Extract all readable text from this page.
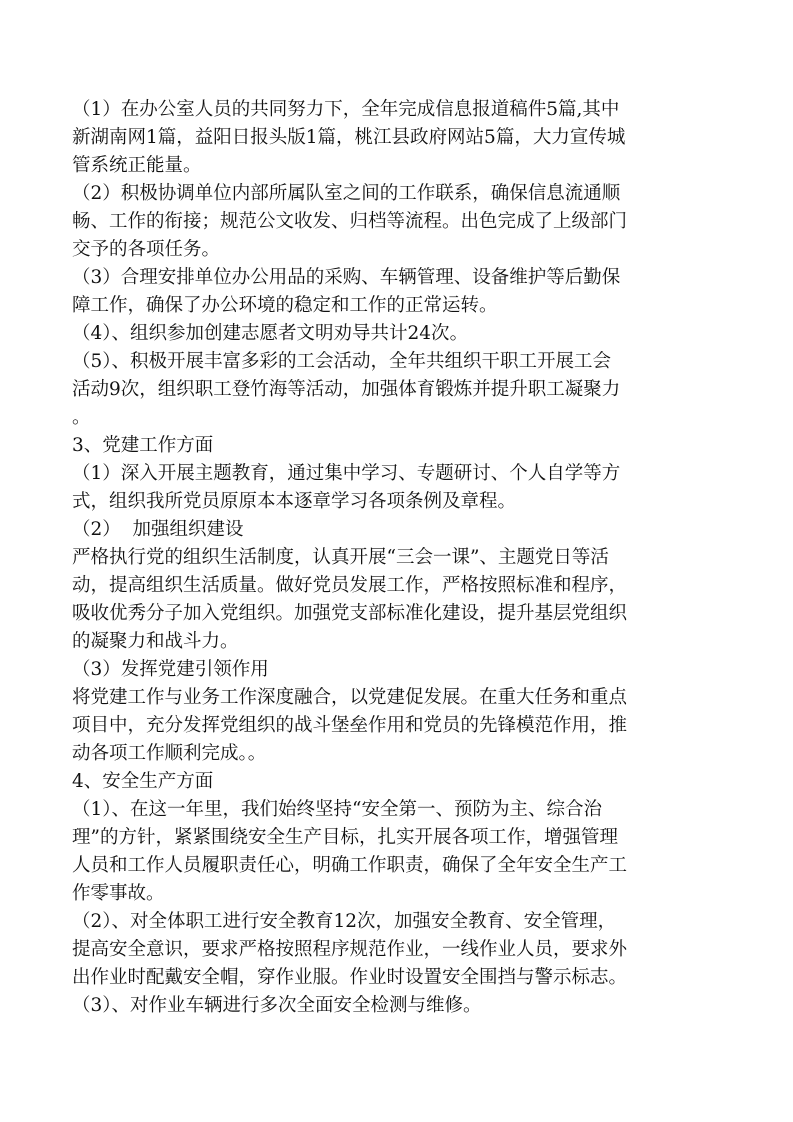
（1）在办公室人员的共同努力下，全年完成信息报道稿件5篇,其中

新湖南网1篇，益阳日报头版1篇，桃江县政府网站5篇，大力宣传城

管系统正能量。

（2）积极协调单位内部所属队室之间的工作联系，确保信息流通顺

畅、工作的衔接；规范公文收发、归档等流程。出色完成了上级部门

交予的各项任务。

（3）合理安排单位办公用品的采购、车辆管理、设备维护等后勤保

障工作，确保了办公环境的稳定和工作的正常运转。

（4）、组织参加创建志愿者文明劝导共计24次。

（5）、积极开展丰富多彩的工会活动，全年共组织干职工开展工会

活动9次，组织职工登竹海等活动，加强体育锻炼并提升职工凝聚力

。

3、党建工作方面

（1）深入开展主题教育，通过集中学习、专题研讨、个人自学等方

式，组织我所党员原原本本逐章学习各项条例及章程。

（2）  加强组织建设

严格执行党的组织生活制度，认真开展“三会一课”、主题党日等活

动，提高组织生活质量。做好党员发展工作，严格按照标准和程序，

吸收优秀分子加入党组织。加强党支部标准化建设，提升基层党组织

的凝聚力和战斗力。

（3）发挥党建引领作用

将党建工作与业务工作深度融合，以党建促发展。在重大任务和重点

项目中，充分发挥党组织的战斗堡垒作用和党员的先锋模范作用，推

动各项工作顺利完成。。

4、安全生产方面

（1）、在这一年里，我们始终坚持“安全第一、预防为主、综合治

理”的方针，紧紧围绕安全生产目标，扎实开展各项工作，增强管理

人员和工作人员履职责任心，明确工作职责，确保了全年安全生产工

作零事故。

（2）、对全体职工进行安全教育12次，加强安全教育、安全管理，

提高安全意识，要求严格按照程序规范作业，一线作业人员，要求外

出作业时配戴安全帽，穿作业服。作业时设置安全围挡与警示标志。

（3）、对作业车辆进行多次全面安全检测与维修。
